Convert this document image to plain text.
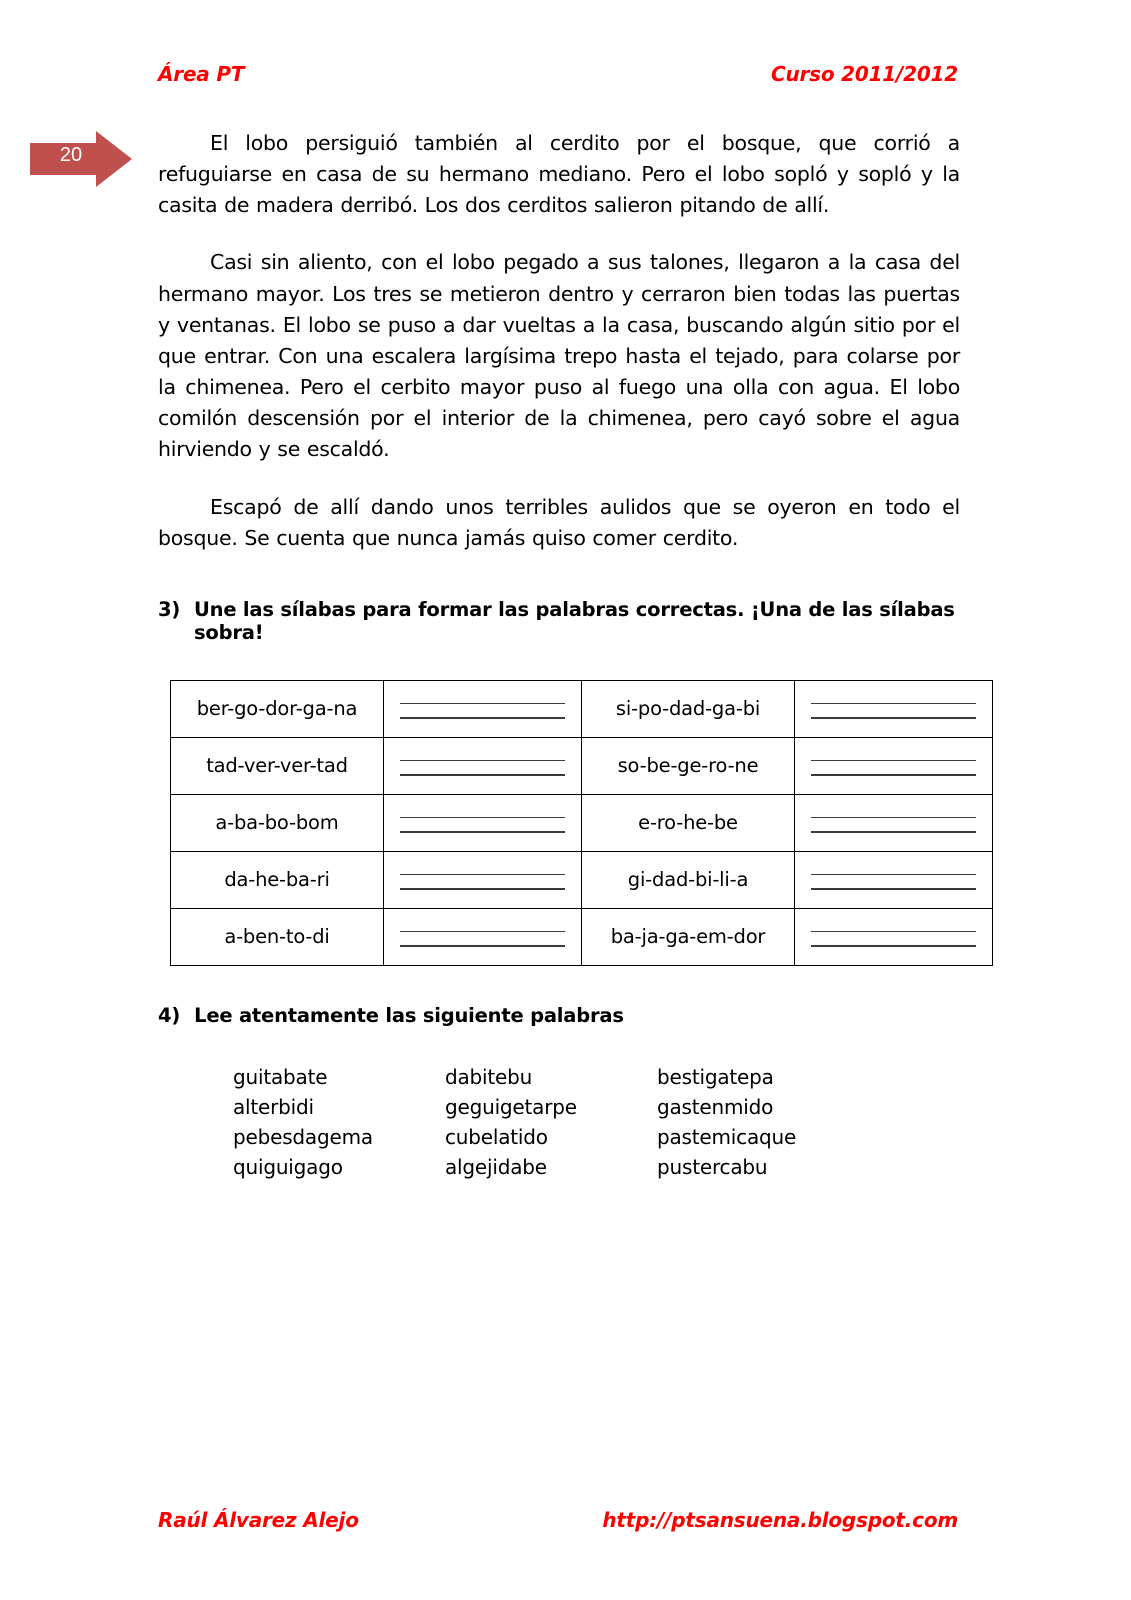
Área PT	Curso 2011/2012
20	El lobo persiguió también al cerdito por el bosque, que corrió a refuguiarse en casa de su hermano mediano. Pero el lobo sopló y sopló y la casita de madera derribó. Los dos cerditos salieron pitando de allí.

Casi sin aliento, con el lobo pegado a sus talones, llegaron a la casa del hermano mayor. Los tres se metieron dentro y cerraron bien todas las puertas y ventanas. El lobo se puso a dar vueltas a la casa, buscando algún sitio por el que entrar. Con una escalera largísima trepo hasta el tejado, para colarse por la chimenea. Pero el cerbito mayor puso al fuego una olla con agua. El lobo comilón descensión por el interior de la chimenea, pero cayó sobre el agua hirviendo y se escaldó.

Escapó de allí dando unos terribles aulidos que se oyeron en todo el bosque. Se cuenta que nunca jamás quiso comer cerdito.

3) Une las sílabas para formar las palabras correctas. ¡Una de las sílabas sobra!
ber-go-dor-ga-na		si-po-dad-ga-bi	

tad-ver-ver-tad		so-be-ge-ro-ne	

a-ba-bo-bom		e-ro-he-be	

da-he-ba-ri		gi-dad-bi-li-a	

a-ben-to-di		ba-ja-ga-em-dor	
4) Lee atentamente las siguiente palabras
guitabate	dabitebu	bestigatepa
alterbidi	geguigetarpe	gastenmido
pebesdagema	cubelatido	pastemicaque
quiguigago	algejidabe	pustercabu
Raúl Álvarez Alejo	http://ptsansuena.blogspot.com
